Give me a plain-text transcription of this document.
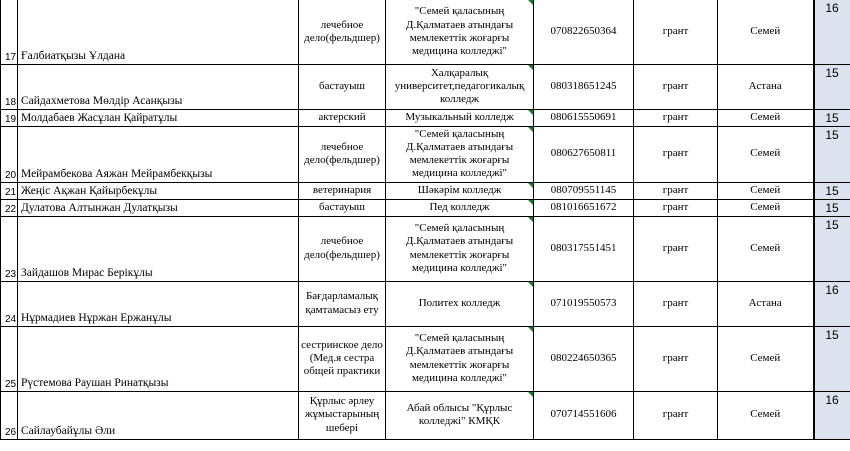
17	Ғалбиатқызы Ұлдана	лечебное дело(фельдшер)	"Семей қаласының Д.Қалматаев атындағы мемлекеттік жоғарғы медицина колледжі"	070822650364	грант	Семей	16
18	Сайдахметова Мөлдір Асанқызы	бастауыш	Халқаралық университет,педагогикалық колледж	080318651245	грант	Астана	15
19	Молдабаев Жасұлан Қайратұлы	актерский	Музыкальный колледж	080615550691	грант	Семей	15
20	Мейрамбекова Аяжан Мейрамбекқызы	лечебное дело(фельдшер)	"Семей қаласының Д.Қалматаев атындағы мемлекеттік жоғарғы медицина колледжі"	080627650811	грант	Семей	15
21	Жеңіс Ақжан Қайырбекұлы	ветеринария	Шәкәрім колледж	080709551145	грант	Семей	15
22	Дулатова Алтынжан Дулатқызы	бастауыш	Пед колледж	081016651672	грант	Семей	15
23	Зайдашов Мирас Берікұлы	лечебное дело(фельдшер)	"Семей қаласының Д.Қалматаев атындағы мемлекеттік жоғарғы медицина колледжі"	080317551451	грант	Семей	15
24	Нұрмадиев Нұржан Ержанұлы	Бағдарламалық қамтамасыз ету	Политех колледж	071019550573	грант	Астана	16
25	Рүстемова Раушан Ринатқызы	сестринское дело (Мед.я сестра общей практики	"Семей қаласының Д.Қалматаев атындағы мемлекеттік жоғарғы медицина колледжі"	080224650365	грант	Семей	15
26	Сайлаубайұлы Әли	Құрлыс әрлеу жұмыстарының шебері	Абай облысы "Құрлыс колледжі" КМҚК	070714551606	грант	Семей	16
